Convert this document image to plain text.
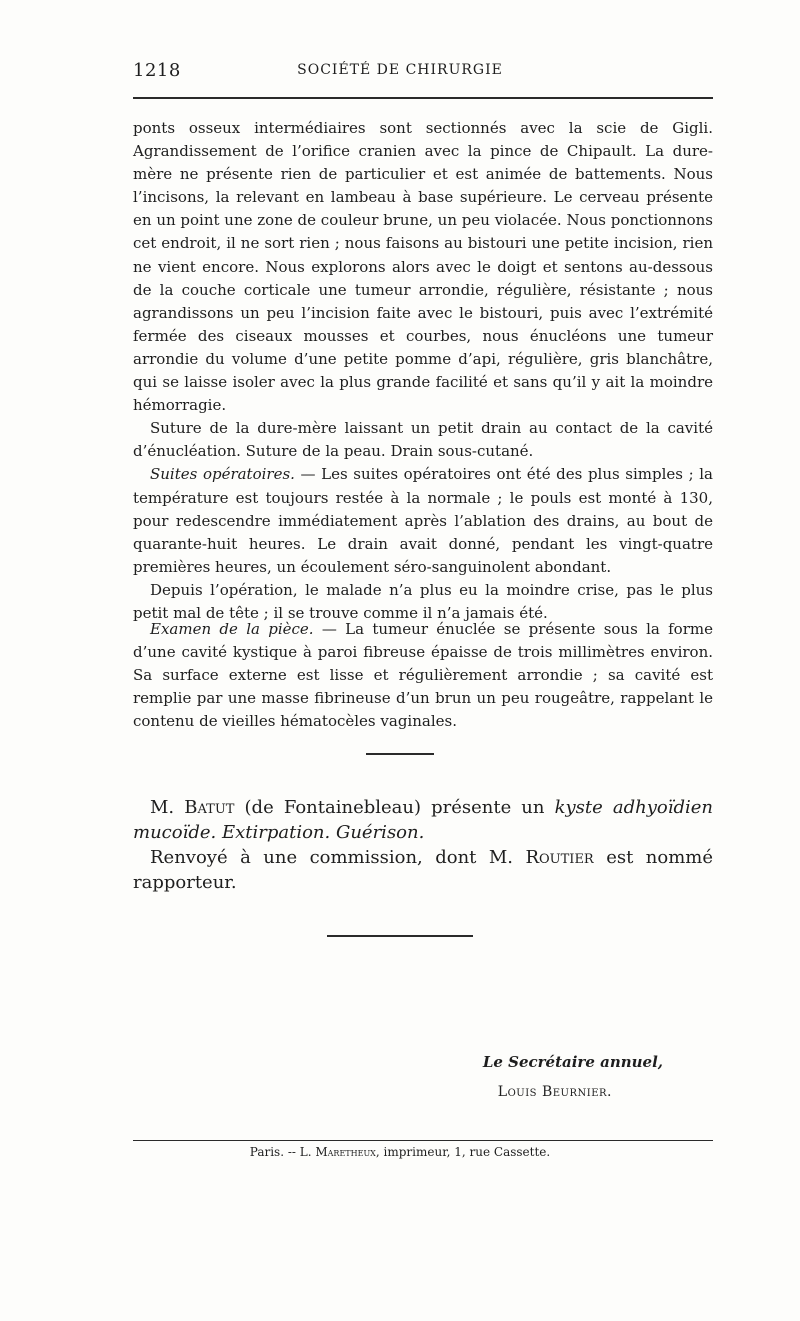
1218	SOCIÉTÉ DE CHIRURGIE

ponts osseux intermédiaires sont sectionnés avec la scie de Gigli. Agrandissement de l’orifice cranien avec la pince de Chipault. La dure-mère ne présente rien de particulier et est animée de battements. Nous l’incisons, la relevant en lambeau à base supérieure. Le cerveau présente en un point une zone de couleur brune, un peu violacée. Nous ponctionnons cet endroit, il ne sort rien ; nous faisons au bistouri une petite incision, rien ne vient encore. Nous explorons alors avec le doigt et sentons au-dessous de la couche corticale une tumeur arrondie, régulière, résistante ; nous agrandissons un peu l’incision faite avec le bistouri, puis avec l’extrémité fermée des ciseaux mousses et courbes, nous énucléons une tumeur arrondie du volume d’une petite pomme d’api, régulière, gris blanchâtre, qui se laisse isoler avec la plus grande facilité et sans qu’il y ait la moindre hémorragie.

Suture de la dure-mère laissant un petit drain au contact de la cavité d’énucléation. Suture de la peau. Drain sous-cutané.

Suites opératoires. — Les suites opératoires ont été des plus simples ; la température est toujours restée à la normale ; le pouls est monté à 130, pour redescendre immédiatement après l’ablation des drains, au bout de quarante-huit heures. Le drain avait donné, pendant les vingt-quatre premières heures, un écoulement séro-sanguinolent abondant.

Depuis l’opération, le malade n’a plus eu la moindre crise, pas le plus petit mal de tête ; il se trouve comme il n’a jamais été.

Examen de la pièce. — La tumeur énuclée se présente sous la forme d’une cavité kystique à paroi fibreuse épaisse de trois millimètres environ. Sa surface externe est lisse et régulièrement arrondie ; sa cavité est remplie par une masse fibrineuse d’un brun un peu rougeâtre, rappelant le contenu de vieilles hématocèles vaginales.

M. Batut (de Fontainebleau) présente un kyste adhyoïdien mucoïde. Extirpation. Guérison.

Renvoyé à une commission, dont M. Routier est nommé rapporteur.

Le Secrétaire annuel,
Louis Beurnier.
Paris. -- L. Maretheux, imprimeur, 1, rue Cassette.
